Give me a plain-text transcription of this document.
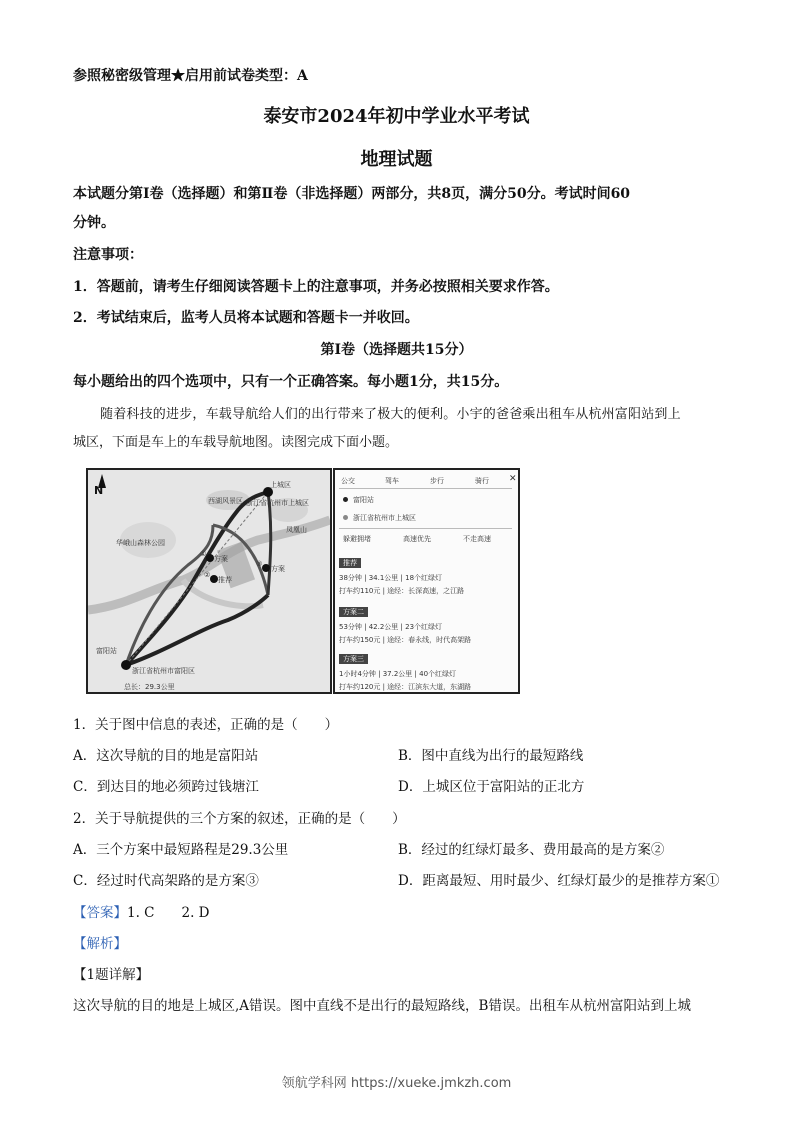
参照秘密级管理★启用前试卷类型：A
泰安市2024年初中学业水平考试
地理试题
本试题分第Ⅰ卷（选择题）和第Ⅱ卷（非选择题）两部分，共8页，满分50分。考试时间60
分钟。
注意事项：
1．答题前，请考生仔细阅读答题卡上的注意事项，并务必按照相关要求作答。
2．考试结束后，监考人员将本试题和答题卡一并收回。
第Ⅰ卷（选择题共15分）
每小题给出的四个选项中，只有一个正确答案。每小题1分，共15分。
随着科技的进步，车载导航给人们的出行带来了极大的便利。小宇的爸爸乘出租车从杭州富阳站到上
城区，下面是车上的车载导航地图。读图完成下面小题。
N	上城区
西湖风景区 浙江省杭州市上城区
凤凰山
华峨山森林公园
富阳站
浙江省杭州市富阳区
总长：29.3公里
①
②
③
方案
推荐
方案
公交	驾车	步行	骑行 ✕
富阳站
浙江省杭州市上城区
躲避拥堵	高速优先	不走高速
推荐
38分钟 | 34.1公里 | 18个红绿灯
打车约110元 | 途经：长深高速，之江路
方案二
53分钟 | 42.2公里 | 23个红绿灯
打车约150元 | 途经：春永线，时代高架路
方案三
1小时4分钟 | 37.2公里 | 40个红绿灯
打车约120元 | 途经：江滨东大道，东湖路
1．关于图中信息的表述，正确的是（　　）
A．这次导航的目的地是富阳站	B．图中直线为出行的最短路线
C．到达目的地必须跨过钱塘江	D．上城区位于富阳站的正北方
2．关于导航提供的三个方案的叙述，正确的是（　　）
A．三个方案中最短路程是29.3公里	B．经过的红绿灯最多、费用最高的是方案②
C．经过时代高架路的是方案③	D．距离最短、用时最少、红绿灯最少的是推荐方案①
【答案】1. C　　2. D
【解析】
【1题详解】
这次导航的目的地是上城区,A错误。图中直线不是出行的最短路线，B错误。出租车从杭州富阳站到上城
领航学科网 https://xueke.jmkzh.com
